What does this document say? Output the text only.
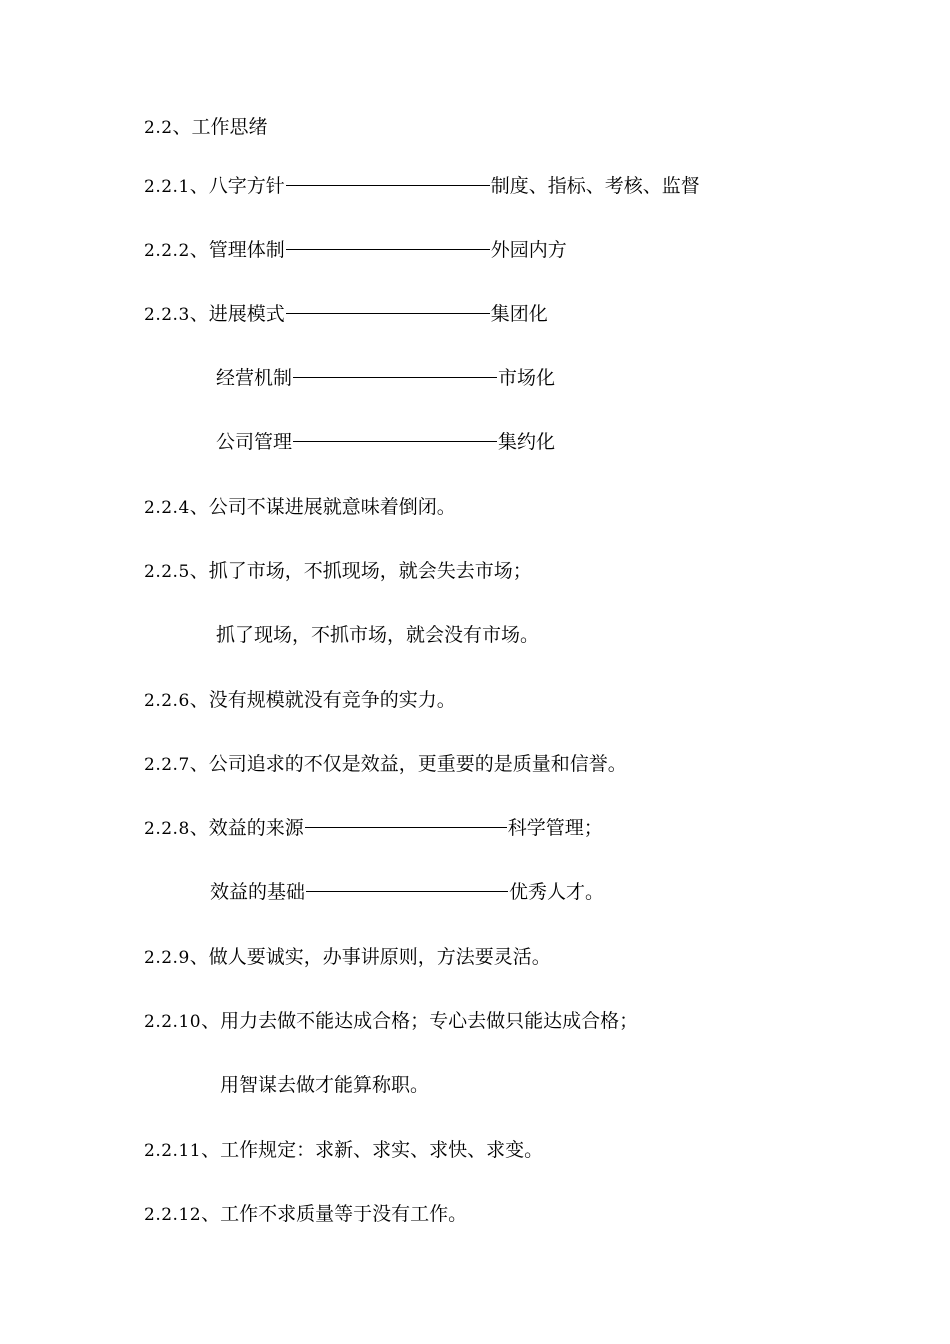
2.2、工作思绪
2.2.1、八字方针	制度、指标、考核、监督
2.2.2、管理体制	外园内方
2.2.3、进展模式	集团化
经营机制	市场化
公司管理	集约化
2.2.4、公司不谋进展就意味着倒闭。
2.2.5、抓了市场，不抓现场，就会失去市场；
抓了现场，不抓市场，就会没有市场。
2.2.6、没有规模就没有竞争的实力。
2.2.7、公司追求的不仅是效益，更重要的是质量和信誉。
2.2.8、效益的来源	科学管理；
效益的基础	优秀人才。
2.2.9、做人要诚实，办事讲原则，方法要灵活。
2.2.10、用力去做不能达成合格；专心去做只能达成合格；
用智谋去做才能算称职。
2.2.11、工作规定：求新、求实、求快、求变。
2.2.12、工作不求质量等于没有工作。
